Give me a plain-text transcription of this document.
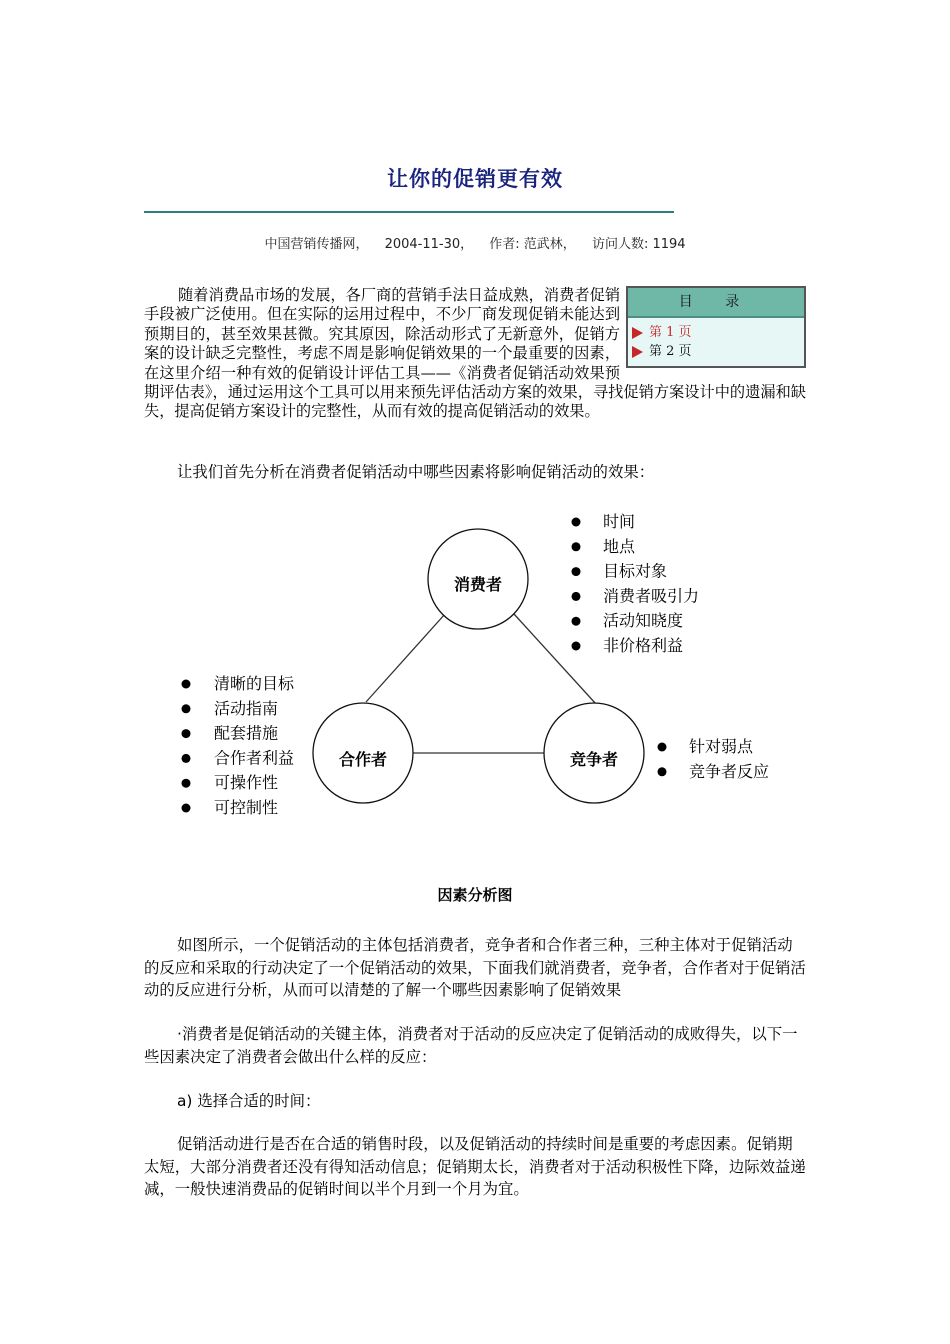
让你的促销更有效
中国营销传播网， 2004-11-30， 作者: 范武林， 访问人数: 1194
目 录
第 1 页
第 2 页
随着消费品市场的发展，各厂商的营销手法日益成熟，消费者促销手段被广泛使用。但在实际的运用过程中，不少厂商发现促销未能达到预期目的，甚至效果甚微。究其原因，除活动形式了无新意外，促销方案的设计缺乏完整性，考虑不周是影响促销效果的一个最重要的因素，在这里介绍一种有效的促销设计评估工具——《消费者促销活动效果预期评估表》，通过运用这个工具可以用来预先评估活动方案的效果，寻找促销方案设计中的遗漏和缺失，提高促销方案设计的完整性，从而有效的提高促销活动的效果。
让我们首先分析在消费者促销活动中哪些因素将影响促销活动的效果：
消费者
合作者	竞争者
时间
地点
目标对象
消费者吸引力
活动知晓度
非价格利益
清晰的目标
活动指南
配套措施
合作者利益
可操作性
可控制性
针对弱点
竞争者反应
因素分析图
如图所示，一个促销活动的主体包括消费者，竞争者和合作者三种，三种主体对于促销活动的反应和采取的行动决定了一个促销活动的效果，下面我们就消费者，竞争者，合作者对于促销活动的反应进行分析，从而可以清楚的了解一个哪些因素影响了促销效果
·消费者是促销活动的关键主体，消费者对于活动的反应决定了促销活动的成败得失，以下一些因素决定了消费者会做出什么样的反应：
a) 选择合适的时间：
促销活动进行是否在合适的销售时段，以及促销活动的持续时间是重要的考虑因素。促销期太短，大部分消费者还没有得知活动信息；促销期太长，消费者对于活动积极性下降，边际效益递减，一般快速消费品的促销时间以半个月到一个月为宜。
